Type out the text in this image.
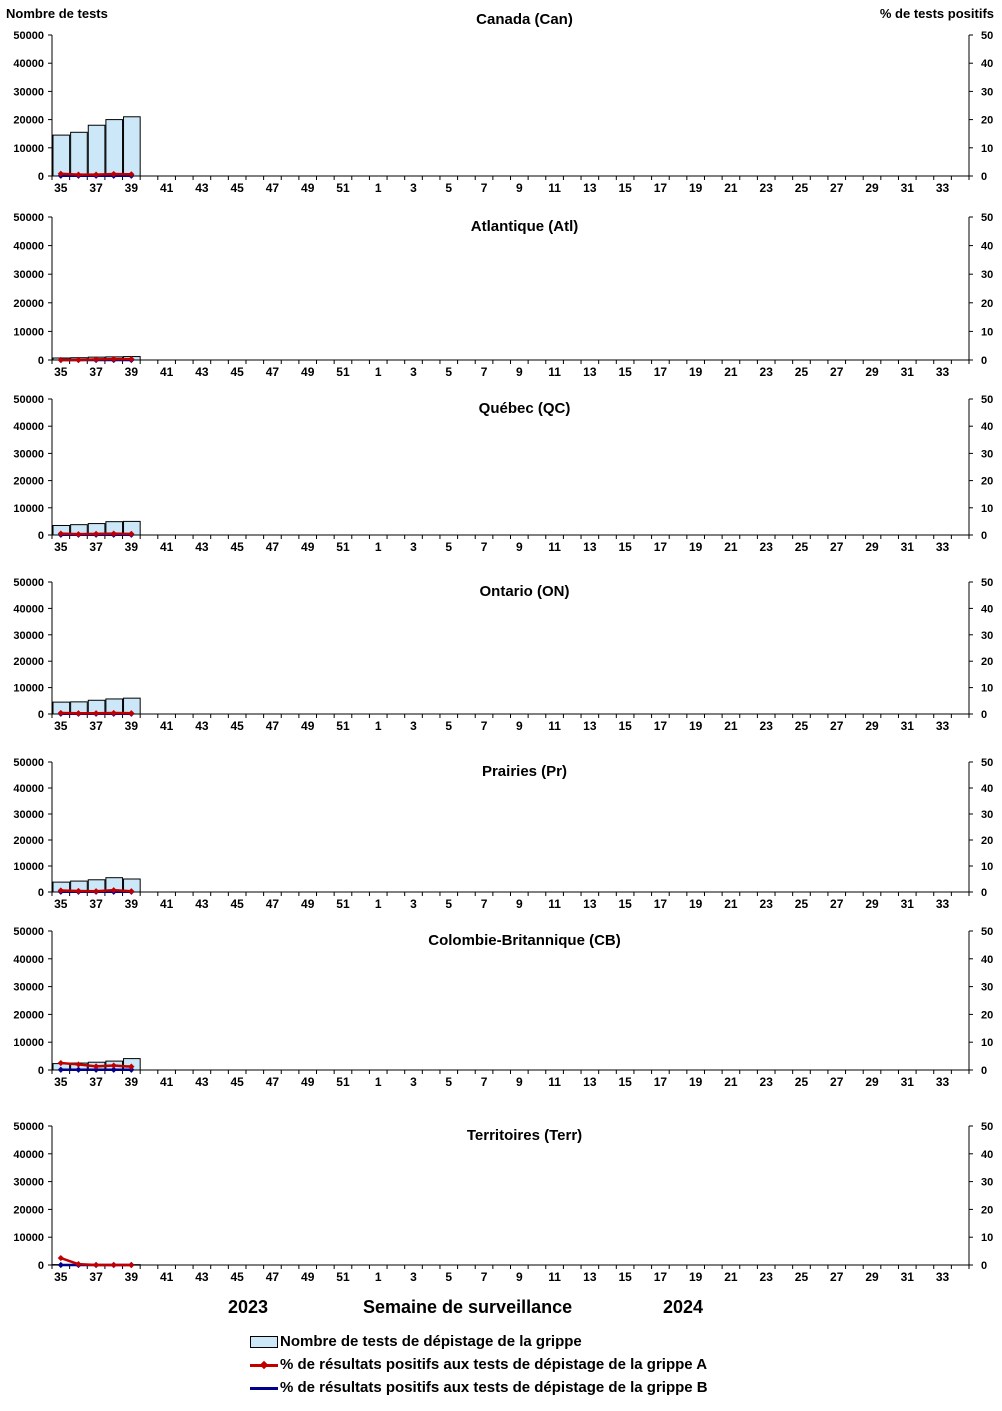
Canada (Can)
0
10000
20000
30000
40000
50000
0
10
20
30
40
50
35 37 39 41 43 45 47 49 51 1 3 5 7 9 11 13 15 17 19 21 23 25 27 29 31 33
Atlantique (Atl)
0
10000
20000
30000
40000
50000
0
10
20
30
40
50
35 37 39 41 43 45 47 49 51 1 3 5 7 9 11 13 15 17 19 21 23 25 27 29 31 33
Québec (QC)
0
10000
20000
30000
40000
50000
0
10
20
30
40
50
35 37 39 41 43 45 47 49 51 1 3 5 7 9 11 13 15 17 19 21 23 25 27 29 31 33
Ontario (ON)
0
10000
20000
30000
40000
50000
0
10
20
30
40
50
35 37 39 41 43 45 47 49 51 1 3 5 7 9 11 13 15 17 19 21 23 25 27 29 31 33
Prairies (Pr)
0
10000
20000
30000
40000
50000
0
10
20
30
40
50
35 37 39 41 43 45 47 49 51 1 3 5 7 9 11 13 15 17 19 21 23 25 27 29 31 33
Colombie-Britannique (CB)
0
10000
20000
30000
40000
50000
0
10
20
30
40
50
35 37 39 41 43 45 47 49 51 1 3 5 7 9 11 13 15 17 19 21 23 25 27 29 31 33
Territoires (Terr)
0
10000
20000
30000
40000
50000
0
10
20
30
40
50
35 37 39 41 43 45 47 49 51 1 3 5 7 9 11 13 15 17 19 21 23 25 27 29 31 33
Nombre de tests	% de tests positifs
2023	Semaine de surveillance	2024
Nombre de tests de dépistage de la grippe
% de résultats positifs aux tests de dépistage de la grippe A
% de résultats positifs aux tests de dépistage de la grippe B
